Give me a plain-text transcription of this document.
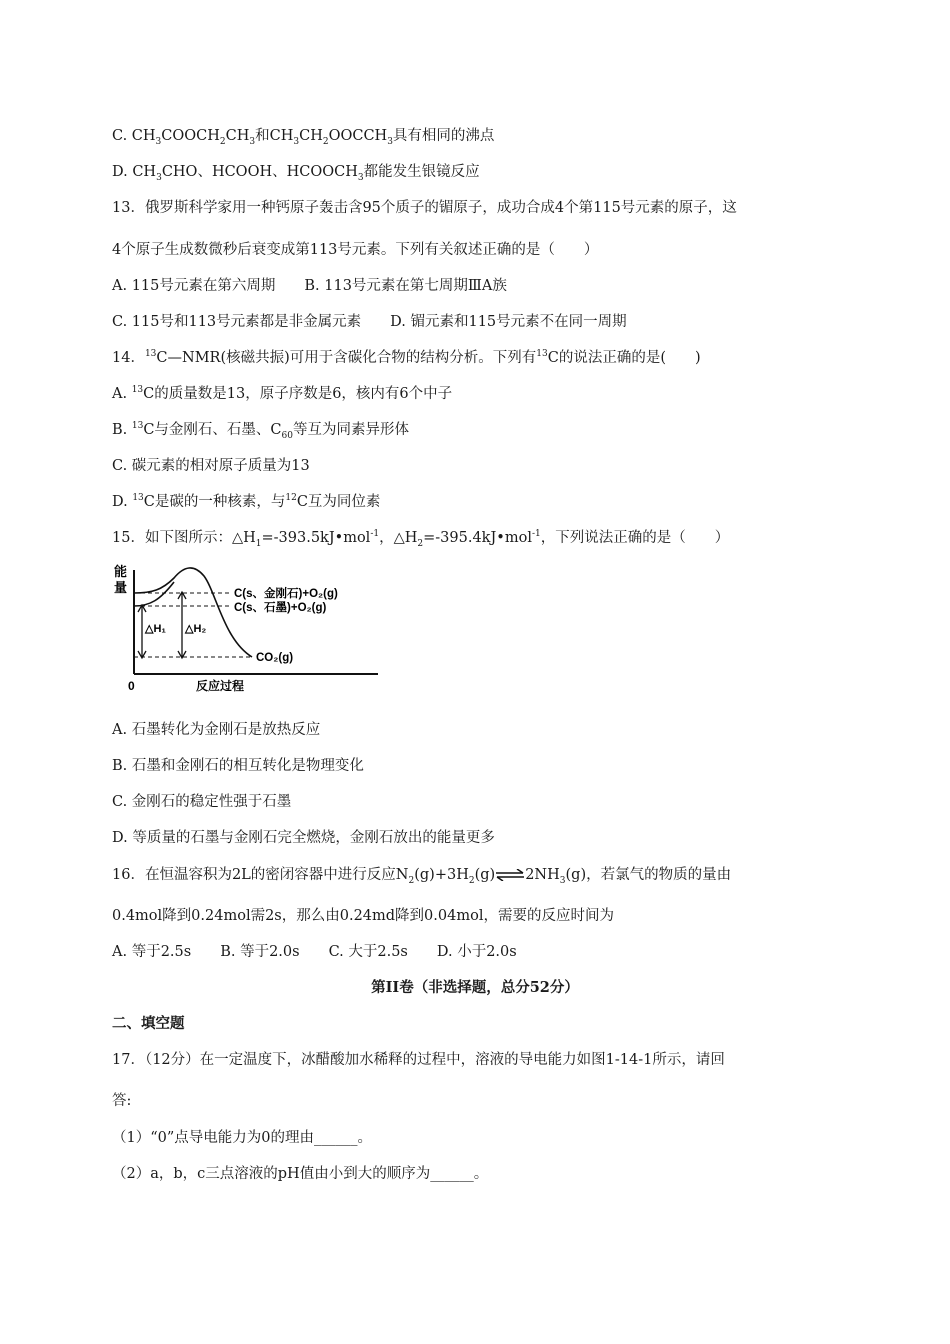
C. $CH_3COOCH_2CH_3$和$CH_3CH_2OOCCH_3$具有相同的沸点
D. $CH_3CHO$、HCOOH、$HCOOCH_3$都能发生银镜反应
13．俄罗斯科学家用一种钙原子轰击含95个质子的镅原子，成功合成4个第115号元素的原子，这
4个原子生成数微秒后衰变成第113号元素。下列有关叙述正确的是（　　）
A. 115号元素在第六周期　　B. 113号元素在第七周期ⅢA族
C. 115号和113号元素都是非金属元素　　D. 镅元素和115号元素不在同一周期
14．$^{13}$C—NMR(核磁共振)可用于含碳化合物的结构分析。下列有$^{13}$C的说法正确的是(　　)
A. $^{13}$C的质量数是13，原子序数是6，核内有6个中子
B. $^{13}$C与金刚石、石墨、$C_{60}$等互为同素异形体
C. 碳元素的相对原子质量为13
D. $^{13}$C是碳的一种核素，与$^{12}$C互为同位素
15．如下图所示：$\triangle H_1=-393.5kJ•mol^{-1}$，$\triangle H_2=-395.4kJ•mol^{-1}$，下列说法正确的是（　　）
能
量
0	反应过程
△H₁ △H₂
C(s、金刚石)+O₂(g)
C(s、石墨)+O₂(g)
CO₂(g)
A. 石墨转化为金刚石是放热反应
B. 石墨和金刚石的相互转化是物理变化
C. 金刚石的稳定性强于石墨
D. 等质量的石墨与金刚石完全燃烧，金刚石放出的能量更多
16．在恒温容积为2L的密闭容器中进行反应$N_2(g)+3H_2(g)\rightleftharpoons 2NH_3(g)$，若氯气的物质的量由
0.4mol降到0.24mol需2s，那么由0.24md降到0.04mol，需要的反应时间为
A. 等于2.5s　　B. 等于2.0s　　C. 大于2.5s　　D. 小于2.0s
第II卷（非选择题，总分52分）
二、填空题
17．（12分）在一定温度下，冰醋酸加水稀释的过程中，溶液的导电能力如图1-14-1所示，请回
答:
（1）“0”点导电能力为0的理由______。
（2）a，b，c三点溶液的pH值由小到大的顺序为______。
